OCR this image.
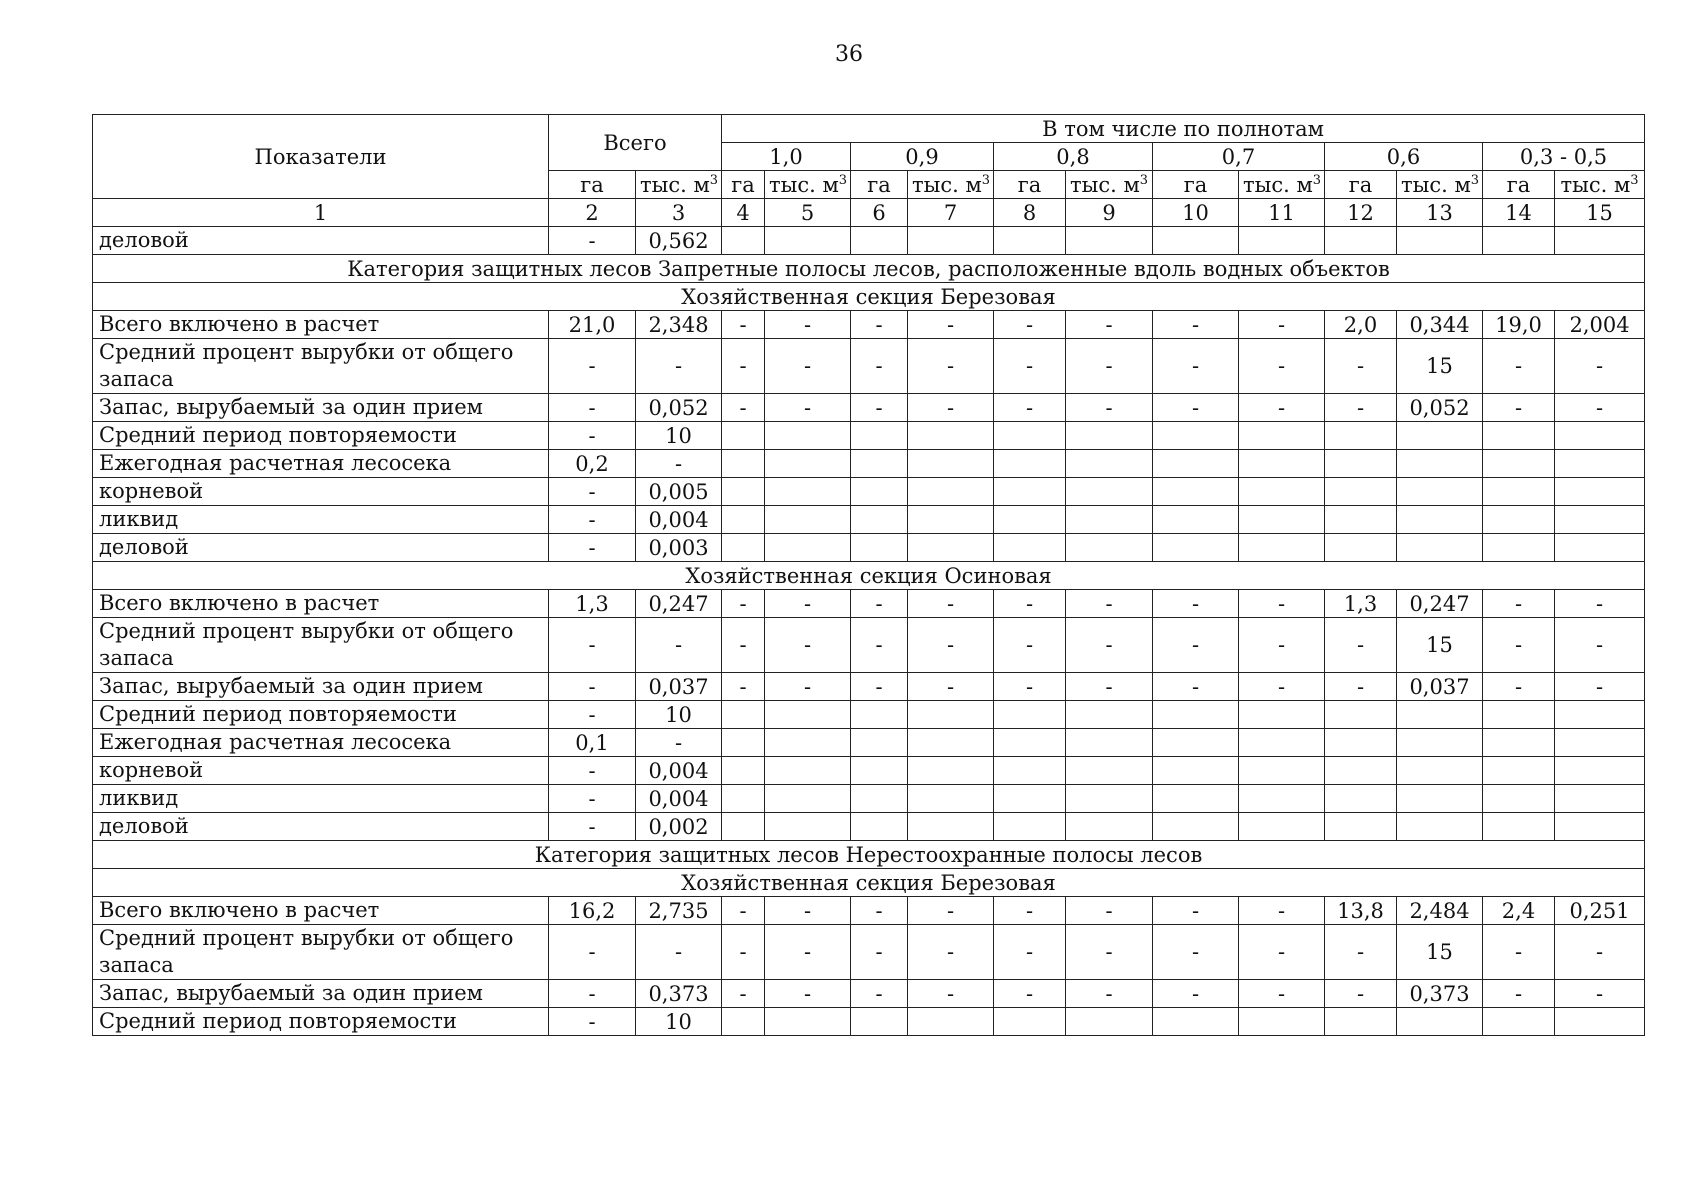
36
Показатели	Всего		В том числе по полнотам											
			1,0		0,9		0,8		0,7		0,6		0,3 - 0,5	
	га	тыс. $м^3$	га	тыс. $м^3$	га	тыс. $м^3$	га	тыс. $м^3$	га	тыс. $м^3$	га	тыс. $м^3$	га	тыс. $м^3$
1	2	3	4	5	6	7	8	9	10	11	12	13	14	15
деловой	-	0,562												
Категория защитных лесов Запретные полосы лесов, расположенные вдоль водных объектов														
Хозяйственная секция Березовая														
Всего включено в расчет	21,0	2,348	-	-	-	-	-	-	-	-	2,0	0,344	19,0	2,004
Средний процент вырубки от общего запаса	-	-	-	-	-	-	-	-	-	-	-	15	-	-
Запас, вырубаемый за один прием	-	0,052	-	-	-	-	-	-	-	-	-	0,052	-	-
Средний период повторяемости	-	10												
Ежегодная расчетная лесосека	0,2	-												
корневой	-	0,005												
ликвид	-	0,004												
деловой	-	0,003												
Хозяйственная секция Осиновая														
Всего включено в расчет	1,3	0,247	-	-	-	-	-	-	-	-	1,3	0,247	-	-
Средний процент вырубки от общего запаса	-	-	-	-	-	-	-	-	-	-	-	15	-	-
Запас, вырубаемый за один прием	-	0,037	-	-	-	-	-	-	-	-	-	0,037	-	-
Средний период повторяемости	-	10												
Ежегодная расчетная лесосека	0,1	-												
корневой	-	0,004												
ликвид	-	0,004												
деловой	-	0,002												
Категория защитных лесов Нерестоохранные полосы лесов														
Хозяйственная секция Березовая														
Всего включено в расчет	16,2	2,735	-	-	-	-	-	-	-	-	13,8	2,484	2,4	0,251
Средний процент вырубки от общего запаса	-	-	-	-	-	-	-	-	-	-	-	15	-	-
Запас, вырубаемый за один прием	-	0,373	-	-	-	-	-	-	-	-	-	0,373	-	-
Средний период повторяемости	-	10												
